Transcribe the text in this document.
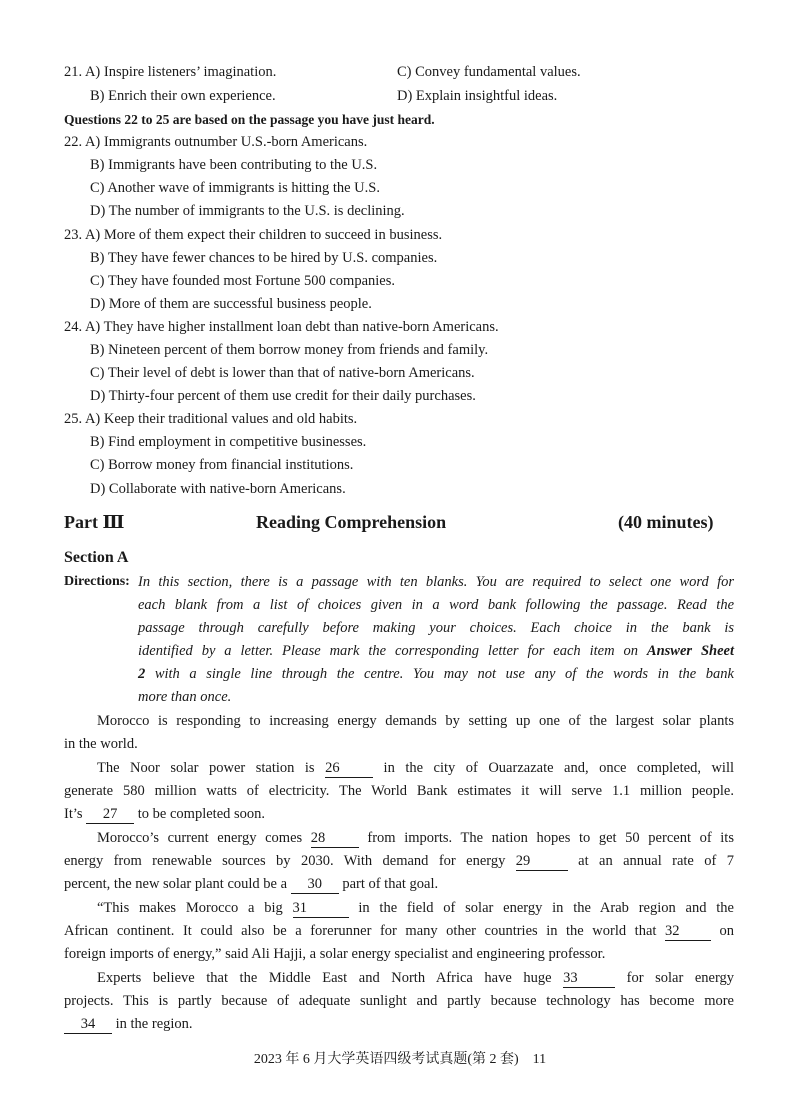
21. A) Inspire listeners’ imagination.	C) Convey fundamental values.
B) Enrich their own experience.	D) Explain insightful ideas.
Questions 22 to 25 are based on the passage you have just heard.
22. A) Immigrants outnumber U.S.-born Americans.
B) Immigrants have been contributing to the U.S.
C) Another wave of immigrants is hitting the U.S.
D) The number of immigrants to the U.S. is declining.
23. A) More of them expect their children to succeed in business.
B) They have fewer chances to be hired by U.S. companies.
C) They have founded most Fortune 500 companies.
D) More of them are successful business people.
24. A) They have higher installment loan debt than native-born Americans.
B) Nineteen percent of them borrow money from friends and family.
C) Their level of debt is lower than that of native-born Americans.
D) Thirty-four percent of them use credit for their daily purchases.
25. A) Keep their traditional values and old habits.
B) Find employment in competitive businesses.
C) Borrow money from financial institutions.
D) Collaborate with native-born Americans.
Part Ⅲ	Reading Comprehension	(40 minutes)
Section A
Directions: In this section, there is a passage with ten blanks. You are required to select one word for
each blank from a list of choices given in a word bank following the passage. Read the
passage through carefully before making your choices. Each choice in the bank is
identified by a letter. Please mark the corresponding letter for each item on Answer Sheet
2 with a single line through the centre. You may not use any of the words in the bank
more than once.
Morocco is responding to increasing energy demands by setting up one of the largest solar plants
in the world.
The Noor solar power station is 26 in the city of Ouarzazate and, once completed, will
generate 580 million watts of electricity. The World Bank estimates it will serve 1.1 million people.
It’s 27 to be completed soon.
Morocco’s current energy comes 28 from imports. The nation hopes to get 50 percent of its
energy from renewable sources by 2030. With demand for energy 29	at an annual rate of 7
percent, the new solar plant could be a 30 part of that goal.
“This makes Morocco a big 31	in the field of solar energy in the Arab region and the
African continent. It could also be a forerunner for many other countries in the world that 32 on
foreign imports of energy,” said Ali Hajji, a solar energy specialist and engineering professor.
Experts believe that the Middle East and North Africa have huge 33	for solar energy
projects. This is partly because of adequate sunlight and partly because technology has become more
34 in the region.
2023 年 6 月大学英语四级考试真题(第 2 套)　11
